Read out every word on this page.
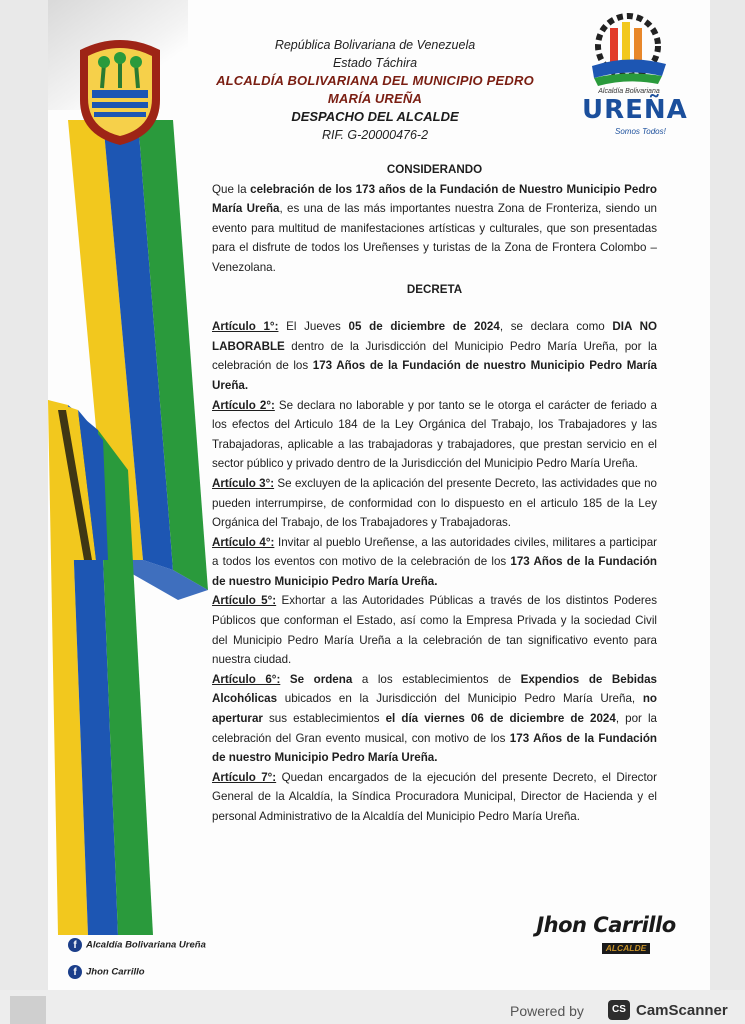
República Bolivariana de Venezuela
Estado Táchira
ALCALDÍA BOLIVARIANA DEL MUNICIPIO PEDRO MARÍA UREÑA
DESPACHO DEL ALCALDE
RIF. G-20000476-2
Alcaldía Bolivariana
UREÑA
Somos Todos!

CONSIDERANDO

Que la celebración de los 173 años de la Fundación de Nuestro Municipio Pedro María Ureña, es una de las más importantes nuestra Zona de Fronteriza, siendo un evento para multitud de manifestaciones artísticas y culturales, que son presentadas para el disfrute de todos los Ureñenses y turistas de la Zona de Frontera Colombo – Venezolana.

DECRETA

Artículo 1°: El Jueves 05 de diciembre de 2024, se declara como DIA NO LABORABLE dentro de la Jurisdicción del Municipio Pedro María Ureña, por la celebración de los 173 Años de la Fundación de nuestro Municipio Pedro María Ureña.

Artículo 2°: Se declara no laborable y por tanto se le otorga el carácter de feriado a los efectos del Articulo 184 de la Ley Orgánica del Trabajo, los Trabajadores y las Trabajadoras, aplicable a las trabajadoras y trabajadores, que prestan servicio en el sector público y privado dentro de la Jurisdicción del Municipio Pedro María Ureña.

Artículo 3°: Se excluyen de la aplicación del presente Decreto, las actividades que no pueden interrumpirse, de conformidad con lo dispuesto en el articulo 185 de la Ley Orgánica del Trabajo, de los Trabajadores y Trabajadoras.

Artículo 4°: Invitar al pueblo Ureñense, a las autoridades civiles, militares a participar a todos los eventos con motivo de la celebración de los 173 Años de la Fundación de nuestro Municipio Pedro María Ureña.

Artículo 5°: Exhortar a las Autoridades Públicas a través de los distintos Poderes Públicos que conforman el Estado, así como la Empresa Privada y la sociedad Civil del Municipio Pedro María Ureña a la celebración de tan significativo evento para nuestra ciudad.

Artículo 6°: Se ordena a los establecimientos de Expendios de Bebidas Alcohólicas ubicados en la Jurisdicción del Municipio Pedro María Ureña, no aperturar sus establecimientos el día viernes 06 de diciembre de 2024, por la celebración del Gran evento musical, con motivo de los 173 Años de la Fundación de nuestro Municipio Pedro María Ureña.

Artículo 7°: Quedan encargados de la ejecución del presente Decreto, el Director General de la Alcaldía, la Síndica Procuradora Municipal, Director de Hacienda y el personal Administrativo de la Alcaldía del Municipio Pedro María Ureña.

Jhon Carrillo
ALCALDE
f Alcaldía Bolivariana Ureña
f Jhon Carrillo
Powered by	CS CamScanner
